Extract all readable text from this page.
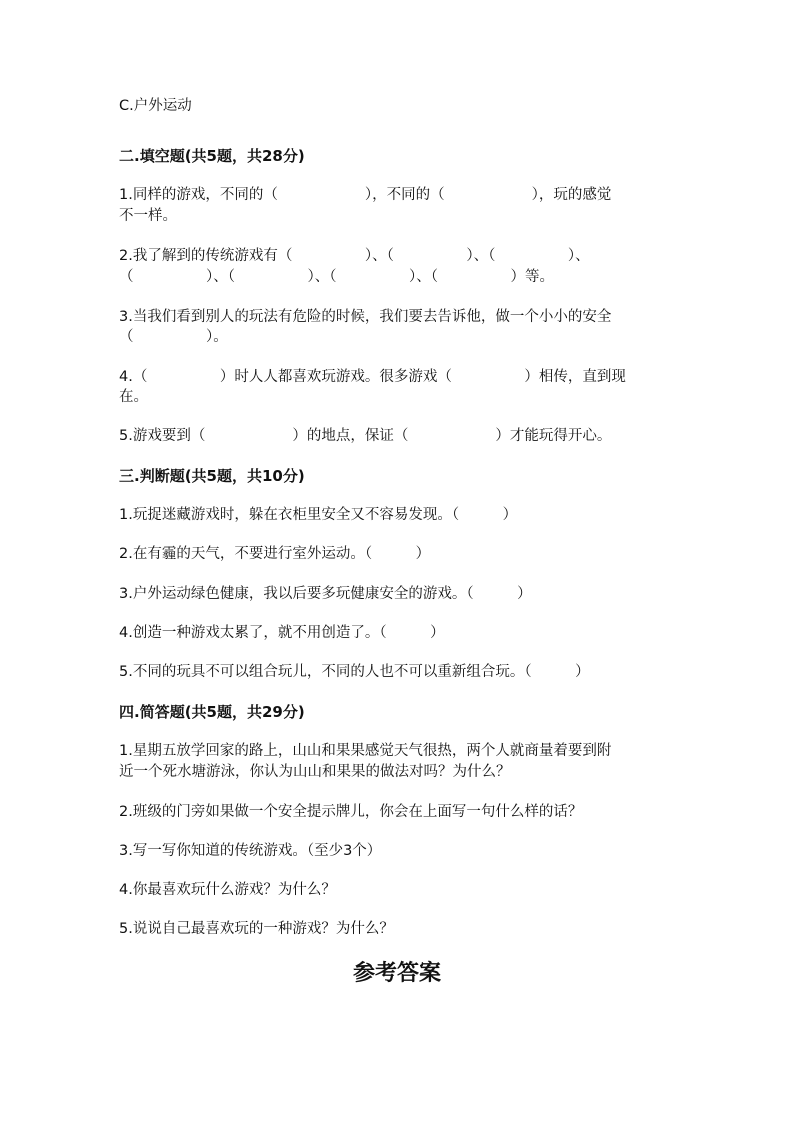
C.户外运动
二.填空题(共5题，共28分)
1.同样的游戏，不同的（　　　　　　），不同的（　　　　　　），玩的感觉
不一样。
2.我了解到的传统游戏有（　　　　　）、（　　　　　）、（　　　　　）、
（　　　　　）、（　　　　　）、（　　　　　）、（　　　　　）等。
3.当我们看到别人的玩法有危险的时候，我们要去告诉他，做一个小小的安全
（　　　　　）。
4.（　　　　　）时人人都喜欢玩游戏。很多游戏（　　　　　）相传，直到现
在。
5.游戏要到（　　　　　　）的地点，保证（　　　　　　）才能玩得开心。
三.判断题(共5题，共10分)
1.玩捉迷藏游戏时，躲在衣柜里安全又不容易发现。（　　　）
2.在有霾的天气，不要进行室外运动。（　　　）
3.户外运动绿色健康，我以后要多玩健康安全的游戏。（　　　）
4.创造一种游戏太累了，就不用创造了。（　　　）
5.不同的玩具不可以组合玩儿，不同的人也不可以重新组合玩。（　　　）
四.简答题(共5题，共29分)
1.星期五放学回家的路上，山山和果果感觉天气很热，两个人就商量着要到附
近一个死水塘游泳，你认为山山和果果的做法对吗？为什么？
2.班级的门旁如果做一个安全提示牌儿，你会在上面写一句什么样的话？
3.写一写你知道的传统游戏。（至少3个）
4.你最喜欢玩什么游戏？为什么？
5.说说自己最喜欢玩的一种游戏？为什么？
参考答案
